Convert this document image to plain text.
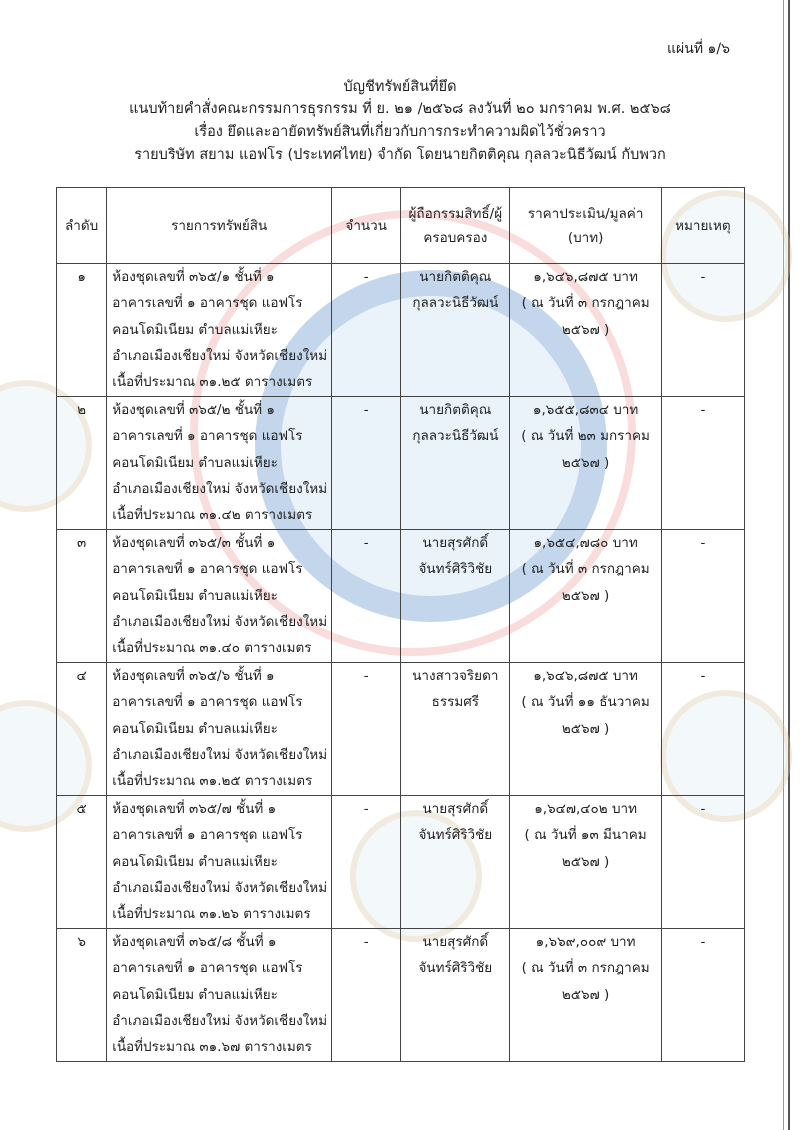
แผ่นที่ ๑/๖
บัญชีทรัพย์สินที่ยึด
แนบท้ายคำสั่งคณะกรรมการธุรกรรม ที่ ย. ๒๑ /๒๕๖๘ ลงวันที่ ๒๐ มกราคม พ.ศ. ๒๕๖๘
เรื่อง ยึดและอายัดทรัพย์สินที่เกี่ยวกับการกระทำความผิดไว้ชั่วคราว
รายบริษัท สยาม แอฟโร (ประเทศไทย) จำกัด โดยนายกิตติคุณ กุลลวะนิธีวัฒน์ กับพวก
ลำดับ	รายการทรัพย์สิน	จำนวน	ผู้ถือกรรมสิทธิ์/ผู้ครอบครอง	ราคาประเมิน/มูลค่า (บาท)	หมายเหตุ

๑	ห้องชุดเลขที่ ๓๖๕/๑ ชั้นที่ ๑
อาคารเลขที่ ๑ อาคารชุด แอฟโร
คอนโดมิเนียม ตำบลแม่เหียะ
อำเภอเมืองเชียงใหม่ จังหวัดเชียงใหม่
เนื้อที่ประมาณ ๓๑.๒๕ ตารางเมตร	-	นายกิตติคุณ
กุลลวะนิธีวัฒน์	๑,๖๔๖,๘๗๕ บาท
( ณ วันที่ ๓ กรกฎาคม
๒๕๖๗ )	-

๒	ห้องชุดเลขที่ ๓๖๕/๒ ชั้นที่ ๑
อาคารเลขที่ ๑ อาคารชุด แอฟโร
คอนโดมิเนียม ตำบลแม่เหียะ
อำเภอเมืองเชียงใหม่ จังหวัดเชียงใหม่
เนื้อที่ประมาณ ๓๑.๔๒ ตารางเมตร	-	นายกิตติคุณ
กุลลวะนิธีวัฒน์	๑,๖๕๕,๘๓๔ บาท
( ณ วันที่ ๒๓ มกราคม
๒๕๖๗ )	-

๓	ห้องชุดเลขที่ ๓๖๕/๓ ชั้นที่ ๑
อาคารเลขที่ ๑ อาคารชุด แอฟโร
คอนโดมิเนียม ตำบลแม่เหียะ
อำเภอเมืองเชียงใหม่ จังหวัดเชียงใหม่
เนื้อที่ประมาณ ๓๑.๔๐ ตารางเมตร	-	นายสุรศักดิ์
จันทร์ศิริวิชัย	๑,๖๕๔,๗๘๐ บาท
( ณ วันที่ ๓ กรกฎาคม
๒๕๖๗ )	-

๔	ห้องชุดเลขที่ ๓๖๕/๖ ชั้นที่ ๑
อาคารเลขที่ ๑ อาคารชุด แอฟโร
คอนโดมิเนียม ตำบลแม่เหียะ
อำเภอเมืองเชียงใหม่ จังหวัดเชียงใหม่
เนื้อที่ประมาณ ๓๑.๒๕ ตารางเมตร	-	นางสาวจริยดา
ธรรมศรี	๑,๖๔๖,๘๗๕ บาท
( ณ วันที่ ๑๑ ธันวาคม
๒๕๖๗ )	-

๕	ห้องชุดเลขที่ ๓๖๕/๗ ชั้นที่ ๑
อาคารเลขที่ ๑ อาคารชุด แอฟโร
คอนโดมิเนียม ตำบลแม่เหียะ
อำเภอเมืองเชียงใหม่ จังหวัดเชียงใหม่
เนื้อที่ประมาณ ๓๑.๒๖ ตารางเมตร	-	นายสุรศักดิ์
จันทร์ศิริวิชัย	๑,๖๔๗,๔๐๒ บาท
( ณ วันที่ ๑๓ มีนาคม
๒๕๖๗ )	-

๖	ห้องชุดเลขที่ ๓๖๕/๘ ชั้นที่ ๑
อาคารเลขที่ ๑ อาคารชุด แอฟโร
คอนโดมิเนียม ตำบลแม่เหียะ
อำเภอเมืองเชียงใหม่ จังหวัดเชียงใหม่
เนื้อที่ประมาณ ๓๑.๖๗ ตารางเมตร	-	นายสุรศักดิ์
จันทร์ศิริวิชัย	๑,๖๖๙,๐๐๙ บาท
( ณ วันที่ ๓ กรกฎาคม
๒๕๖๗ )	-
